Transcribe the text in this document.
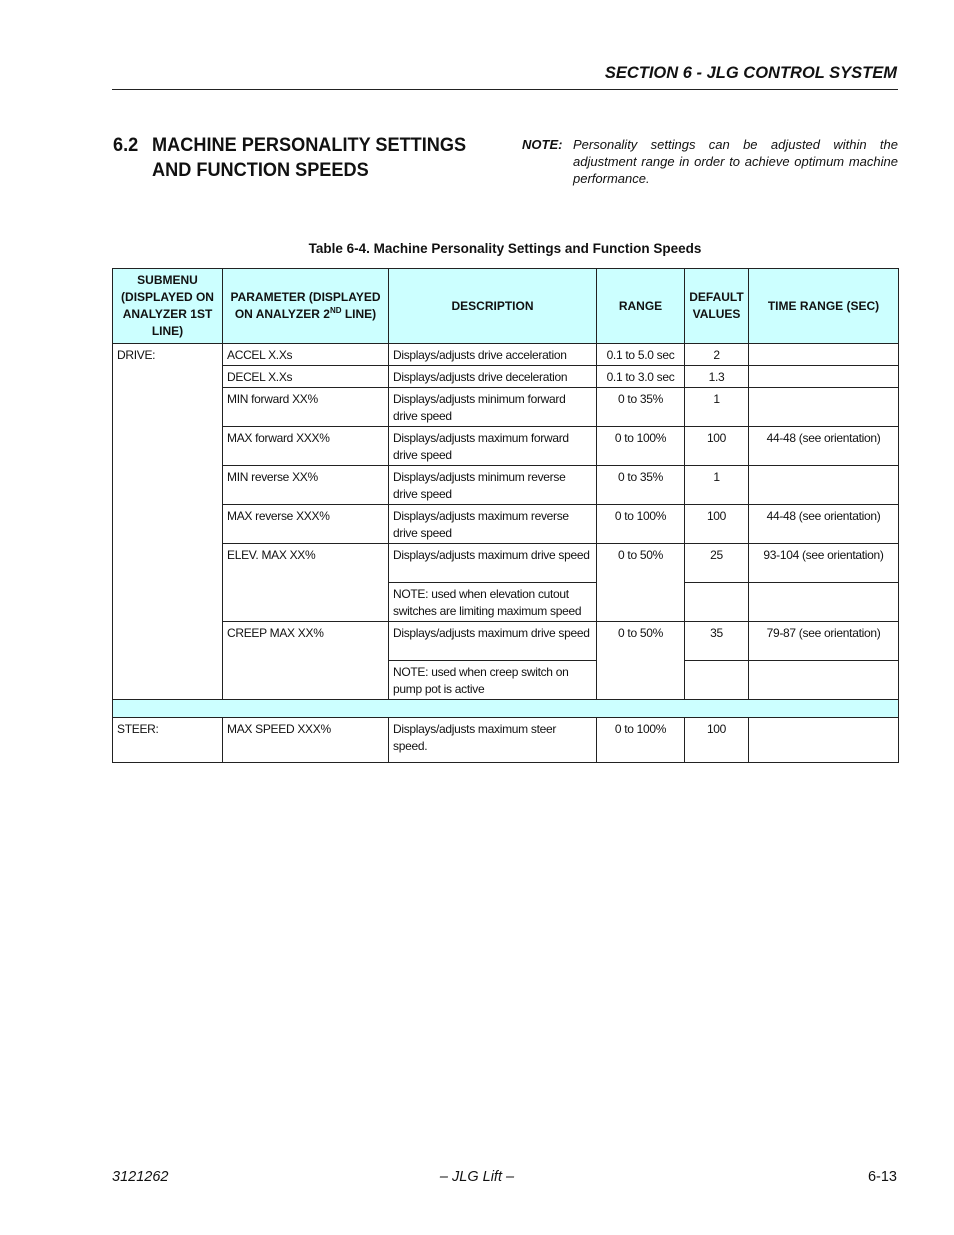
SECTION 6 - JLG CONTROL SYSTEM
6.2 MACHINE PERSONALITY SETTINGS AND FUNCTION SPEEDS
NOTE: Personality settings can be adjusted within the adjustment range in order to achieve optimum machine performance.
Table 6-4. Machine Personality Settings and Function Speeds
SUBMENU (DISPLAYED ON ANALYZER 1ST LINE)	PARAMETER (DISPLAYED ON ANALYZER 2ND LINE)	DESCRIPTION	RANGE	DEFAULT VALUES	TIME RANGE (SEC)
DRIVE:	ACCEL X.Xs	Displays/adjusts drive acceleration	0.1 to 5.0 sec	2	
	DECEL X.Xs	Displays/adjusts drive deceleration	0.1 to 3.0 sec	1.3	
	MIN forward XX%	Displays/adjusts minimum forward drive speed	0 to 35%	1	
	MAX forward XXX%	Displays/adjusts maximum forward drive speed	0 to 100%	100	44-48 (see orientation)
	MIN reverse XX%	Displays/adjusts minimum reverse drive speed	0 to 35%	1	
	MAX reverse XXX%	Displays/adjusts maximum reverse drive speed	0 to 100%	100	44-48 (see orientation)
	ELEV. MAX XX%	Displays/adjusts maximum drive speed	0 to 50%	25	93-104 (see orientation)
		NOTE: used when elevation cutout switches are limiting maximum speed			
	CREEP MAX XX%	Displays/adjusts maximum drive speed	0 to 50%	35	79-87 (see orientation)
		NOTE: used when creep switch on pump pot is active			

STEER:	MAX SPEED XXX%	Displays/adjusts maximum steer speed.	0 to 100%	100	
3121262	– JLG Lift –	6-13
